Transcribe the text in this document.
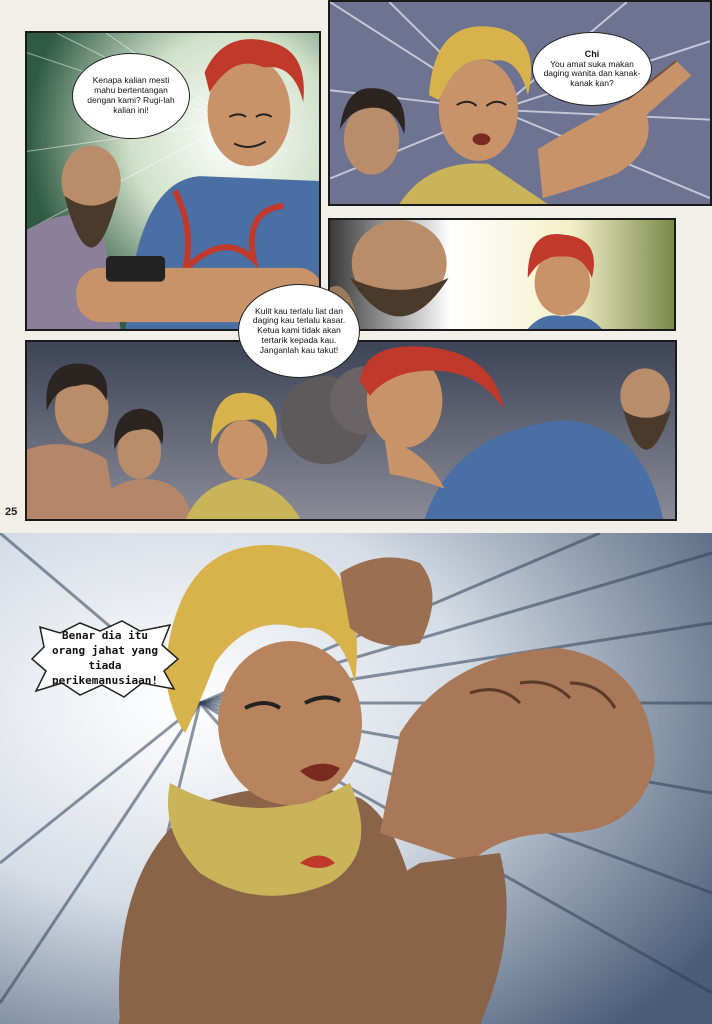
Kenapa kalian mesti mahu bertentangan dengan kami? Rugi-lah kalian ini!
Chi
You amat suka makan daging wanita dan kanak-kanak kan?
Kulit kau terlalu liat dan daging kau terlalu kasar. Ketua kami tidak akan tertarik kepada kau. Janganlah kau takut!
25
Benar dia itu orang jahat yang tiada perikemanusiaan!
